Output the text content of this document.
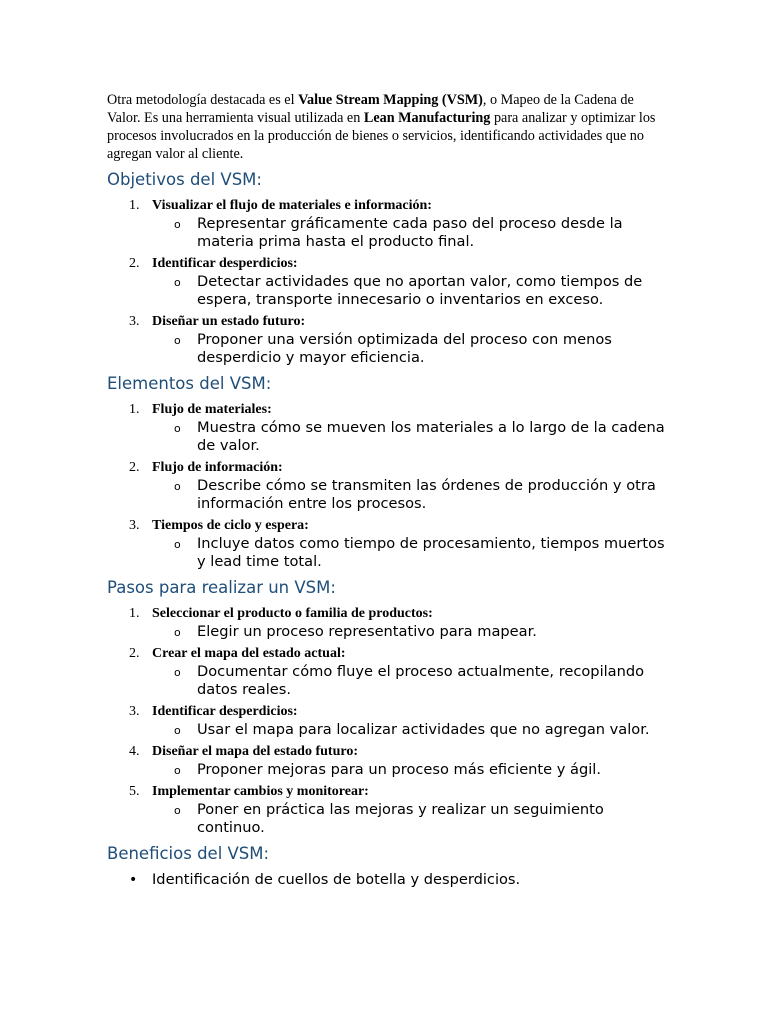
Otra metodología destacada es el Value Stream Mapping (VSM), o Mapeo de la Cadena de Valor. Es una herramienta visual utilizada en Lean Manufacturing para analizar y optimizar los procesos involucrados en la producción de bienes o servicios, identificando actividades que no agregan valor al cliente.

Objetivos del VSM:
1. Visualizar el flujo de materiales e información:
o Representar gráficamente cada paso del proceso desde la materia prima hasta el producto final.
2. Identificar desperdicios:
o Detectar actividades que no aportan valor, como tiempos de espera, transporte innecesario o inventarios en exceso.
3. Diseñar un estado futuro:
o Proponer una versión optimizada del proceso con menos desperdicio y mayor eficiencia.
Elementos del VSM:
1. Flujo de materiales:
o Muestra cómo se mueven los materiales a lo largo de la cadena de valor.
2. Flujo de información:
o Describe cómo se transmiten las órdenes de producción y otra información entre los procesos.
3. Tiempos de ciclo y espera:
o Incluye datos como tiempo de procesamiento, tiempos muertos y lead time total.
Pasos para realizar un VSM:
1. Seleccionar el producto o familia de productos:
o Elegir un proceso representativo para mapear.
2. Crear el mapa del estado actual:
o Documentar cómo fluye el proceso actualmente, recopilando datos reales.
3. Identificar desperdicios:
o Usar el mapa para localizar actividades que no agregan valor.
4. Diseñar el mapa del estado futuro:
o Proponer mejoras para un proceso más eficiente y ágil.
5. Implementar cambios y monitorear:
o Poner en práctica las mejoras y realizar un seguimiento continuo.
Beneficios del VSM:
• Identificación de cuellos de botella y desperdicios.
